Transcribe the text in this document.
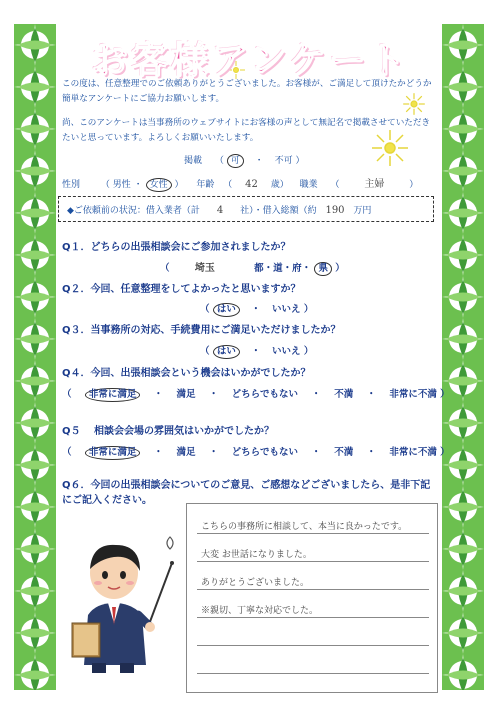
お客様アンケート
この度は、任意整理でのご依頼ありがとうございました。お客様が、ご満足して頂けたかどうか簡単なアンケートにご協力お願いします。
尚、このアンケートは当事務所のウェブサイトにお客様の声として無記名で掲載させていただきたいと思っています。よろしくお願いいたします。
掲載 （ 可 ・ 不可 ）
性別 （ 男性 ・ 女性 ） 年齢 （ 42 歳） 職業 （ 主婦	）
◆ご依頼前の状況：借入業者（計 4 社）・借入総額（約 190 万円
Q１．どちらの出張相談会にご参加されましたか？
（	埼玉	都・道・府・ 県 ）
Q２．今回、任意整理をしてよかったと思いますか？
（ はい ・ いいえ ）
Q３．当事務所の対応、手続費用にご満足いただけましたか？
（ はい ・ いいえ ）
Q４．今回、出張相談会という機会はいかがでしたか？
（ 非常に満足 ・ 満足 ・ どちらでもない ・ 不満 ・ 非常に不満 ）
Q５　 相談会会場の雰囲気はいかがでしたか？
（ 非常に満足 ・ 満足 ・ どちらでもない ・ 不満 ・ 非常に不満 ）
Q６．今回の出張相談会についてのご意見、ご感想などございましたら、是非下記にご記入ください。
こちらの事務所に相談して、本当に良かったです。
大変 お世話になりました。
ありがとうございました。
※親切、丁寧な対応でした。
